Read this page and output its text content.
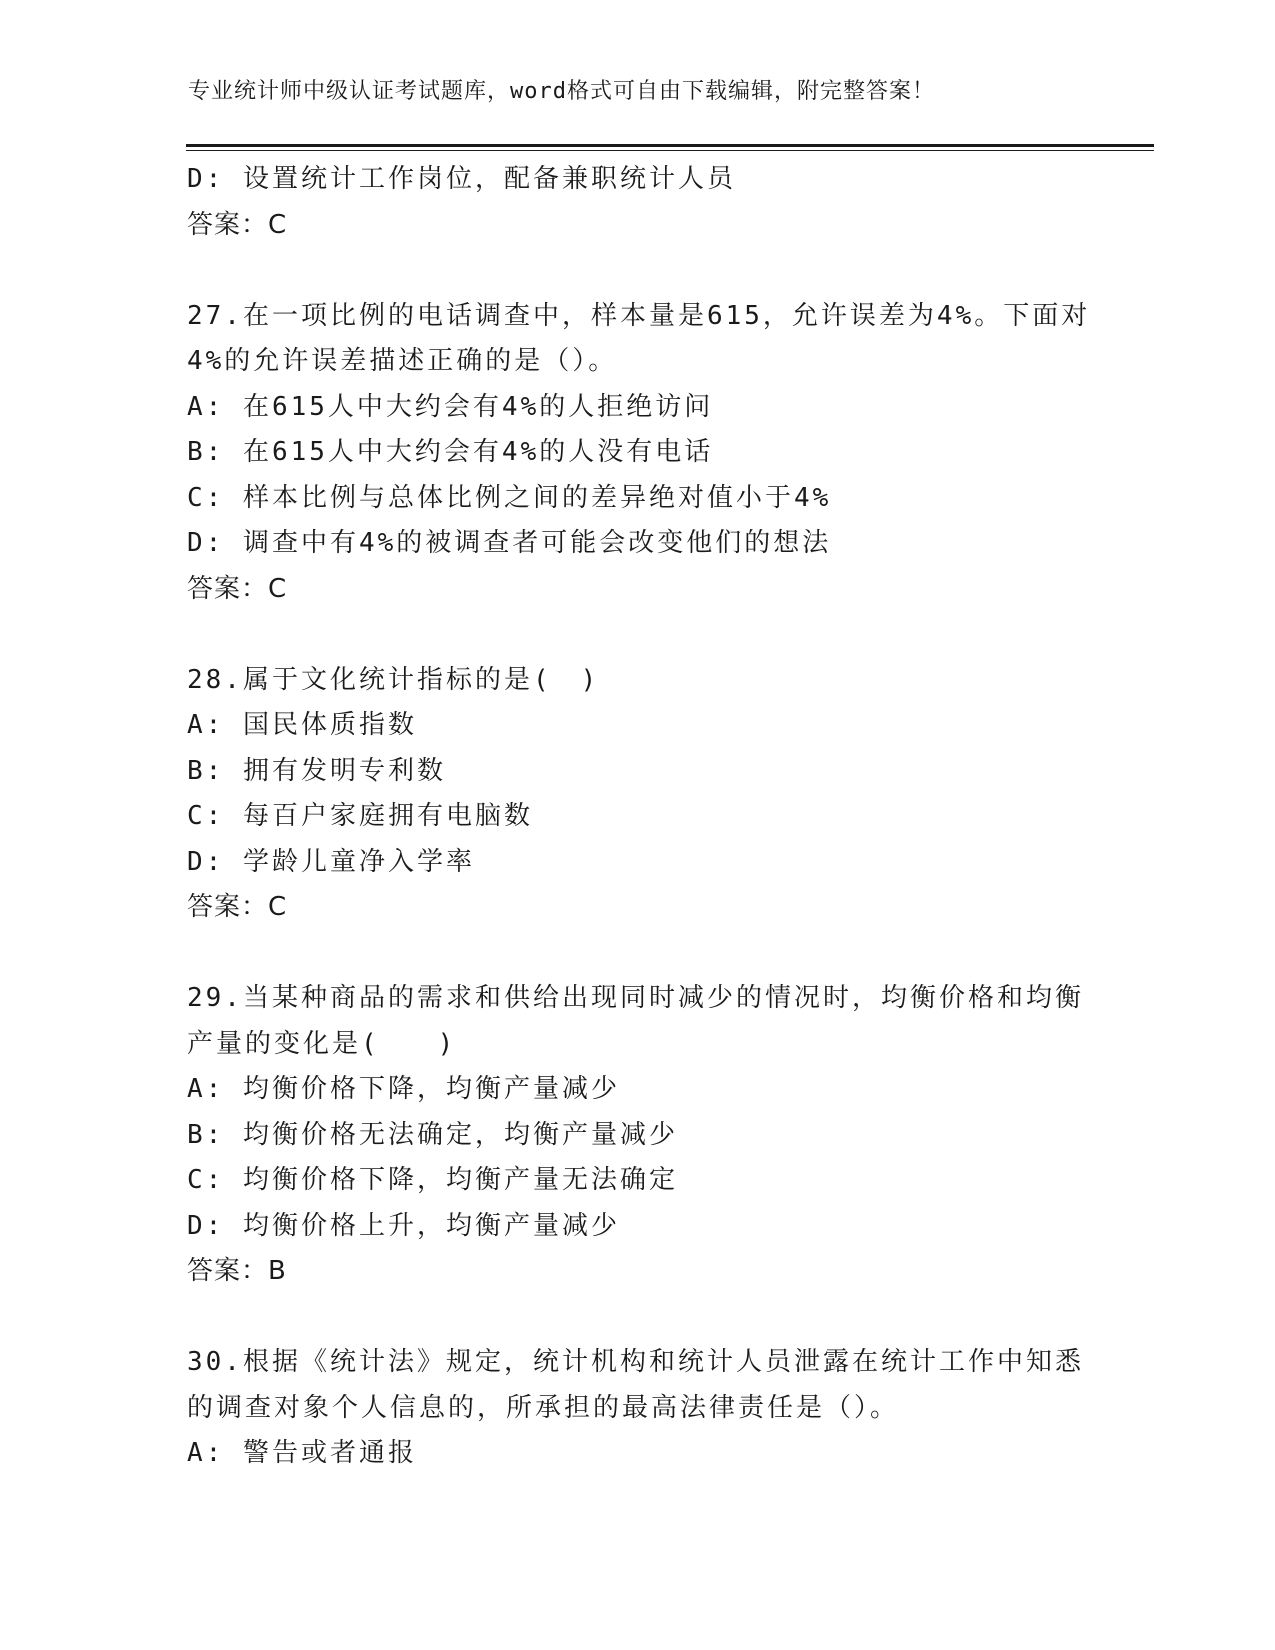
专业统计师中级认证考试题库，word格式可自由下载编辑，附完整答案！
D: 设置统计工作岗位，配备兼职统计人员
答案：C
27.在一项比例的电话调查中，样本量是615，允许误差为4%。下面对
4%的允许误差描述正确的是（）。
A: 在615人中大约会有4%的人拒绝访问
B: 在615人中大约会有4%的人没有电话
C: 样本比例与总体比例之间的差异绝对值小于4%
D: 调查中有4%的被调查者可能会改变他们的想法
答案：C
28.属于文化统计指标的是(　)
A: 国民体质指数
B: 拥有发明专利数
C: 每百户家庭拥有电脑数
D: 学龄儿童净入学率
答案：C
29.当某种商品的需求和供给出现同时减少的情况时，均衡价格和均衡
产量的变化是(　　)
A: 均衡价格下降，均衡产量减少
B: 均衡价格无法确定，均衡产量减少
C: 均衡价格下降，均衡产量无法确定
D: 均衡价格上升，均衡产量减少
答案：B
30.根据《统计法》规定，统计机构和统计人员泄露在统计工作中知悉
的调查对象个人信息的，所承担的最高法律责任是（）。
A: 警告或者通报
